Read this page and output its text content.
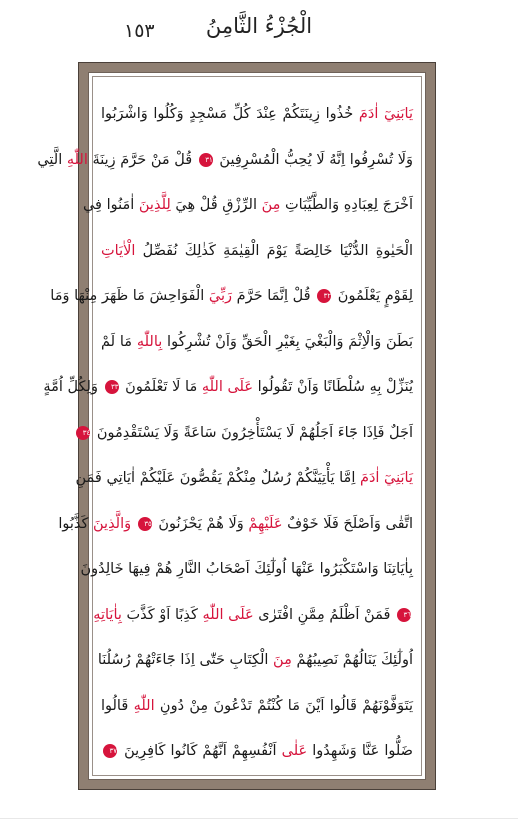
الْجُزْءُ الثَّامِنُ
١٥٣
يَابَنِيٓ اٰدَمَ خُذُوا زِينَتَكُمْ عِنْدَ كُلِّ مَسْجِدٍ وَكُلُوا وَاشْرَبُوا
وَلَا تُسْرِفُوا اِنَّهُ لَا يُحِبُّ الْمُسْرِفِينَ ٣١ قُلْ مَنْ حَرَّمَ زِينَةَ اللّٰهِ الَّتِي
اَخْرَجَ لِعِبَادِهِ وَالطَّيِّبَاتِ مِنَ الرِّزْقِ قُلْ هِيَ لِلَّذِينَ اٰمَنُوا فِي
الْحَيٰوةِ الدُّنْيَا خَالِصَةً يَوْمَ الْقِيٰمَةِ كَذٰلِكَ نُفَصِّلُ الْاٰيَاتِ
لِقَوْمٍ يَعْلَمُونَ ٣٢ قُلْ اِنَّمَا حَرَّمَ رَبِّيَ الْفَوَاحِشَ مَا ظَهَرَ مِنْهَا وَمَا
بَطَنَ وَالْاِثْمَ وَالْبَغْيَ بِغَيْرِ الْحَقِّ وَاَنْ تُشْرِكُوا بِاللّٰهِ مَا لَمْ
يُنَزِّلْ بِهِ سُلْطَانًا وَاَنْ تَقُولُوا عَلَى اللّٰهِ مَا لَا تَعْلَمُونَ ٣٣ وَلِكُلِّ اُمَّةٍ
اَجَلٌ فَاِذَا جَٓاءَ اَجَلُهُمْ لَا يَسْتَأْخِرُونَ سَاعَةً وَلَا يَسْتَقْدِمُونَ ٣٤
يَابَنِيٓ اٰدَمَ اِمَّا يَأْتِيَنَّكُمْ رُسُلٌ مِنْكُمْ يَقُصُّونَ عَلَيْكُمْ اٰيَاتِي فَمَنِ
اتَّقٰى وَاَصْلَحَ فَلَا خَوْفٌ عَلَيْهِمْ وَلَا هُمْ يَحْزَنُونَ ٣٥ وَالَّذِينَ كَذَّبُوا
بِاٰيَاتِنَا وَاسْتَكْبَرُوا عَنْهَا اُولٰٓئِكَ اَصْحَابُ النَّارِ هُمْ فِيهَا خَالِدُونَ
٣٦ فَمَنْ اَظْلَمُ مِمَّنِ افْتَرٰى عَلَى اللّٰهِ كَذِبًا اَوْ كَذَّبَ بِاٰيَاتِهِ
اُولٰٓئِكَ يَنَالُهُمْ نَصِيبُهُمْ مِنَ الْكِتَابِ حَتّٰى اِذَا جَٓاءَتْهُمْ رُسُلُنَا
يَتَوَفَّوْنَهُمْ قَالُوا اَيْنَ مَا كُنْتُمْ تَدْعُونَ مِنْ دُونِ اللّٰهِ قَالُوا
ضَلُّوا عَنَّا وَشَهِدُوا عَلٰى اَنْفُسِهِمْ اَنَّهُمْ كَانُوا كَافِرِينَ ٣٧
